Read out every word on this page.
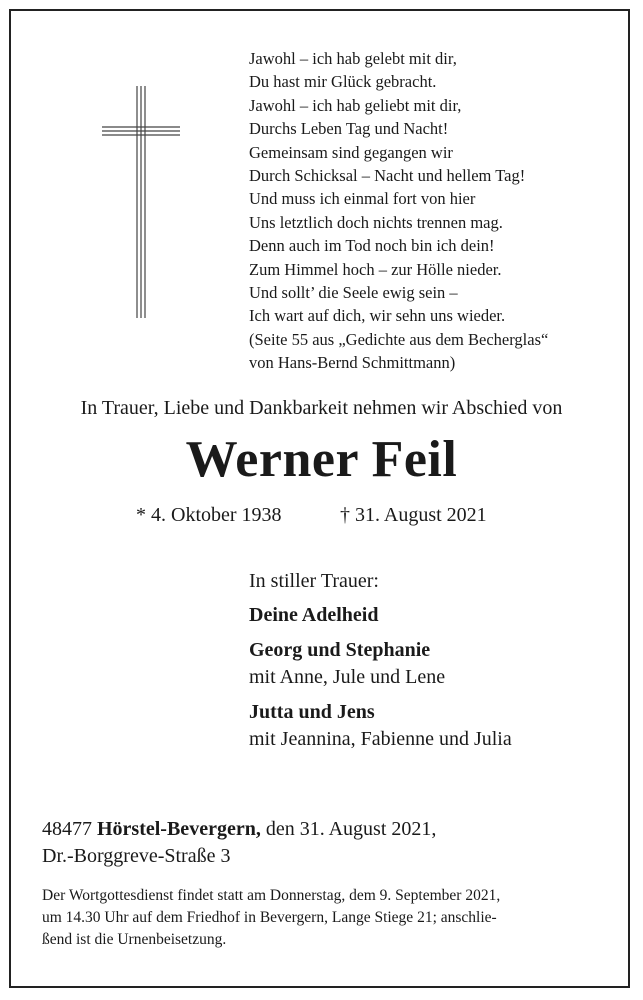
Jawohl – ich hab gelebt mit dir,
Du hast mir Glück gebracht.
Jawohl – ich hab geliebt mit dir,
Durchs Leben Tag und Nacht!
Gemeinsam sind gegangen wir
Durch Schicksal – Nacht und hellem Tag!
Und muss ich einmal fort von hier
Uns letztlich doch nichts trennen mag.
Denn auch im Tod noch bin ich dein!
Zum Himmel hoch – zur Hölle nieder.
Und sollt’ die Seele ewig sein –
Ich wart auf dich, wir sehn uns wieder.
(Seite 55 aus „Gedichte aus dem Becherglas“
von Hans-Bernd Schmittmann)
In Trauer, Liebe und Dankbarkeit nehmen wir Abschied von
Werner Feil
* 4. Oktober 1938	† 31. August 2021
In stiller Trauer:
Deine Adelheid
Georg und Stephanie
mit Anne, Jule und Lene
Jutta und Jens
mit Jeannina, Fabienne und Julia
48477 Hörstel-Bevergern, den 31. August 2021,
Dr.-Borggreve-Straße 3
Der Wortgottesdienst findet statt am Donnerstag, dem 9. September 2021,
um 14.30 Uhr auf dem Friedhof in Bevergern, Lange Stiege 21; anschlie-
ßend ist die Urnenbeisetzung.
